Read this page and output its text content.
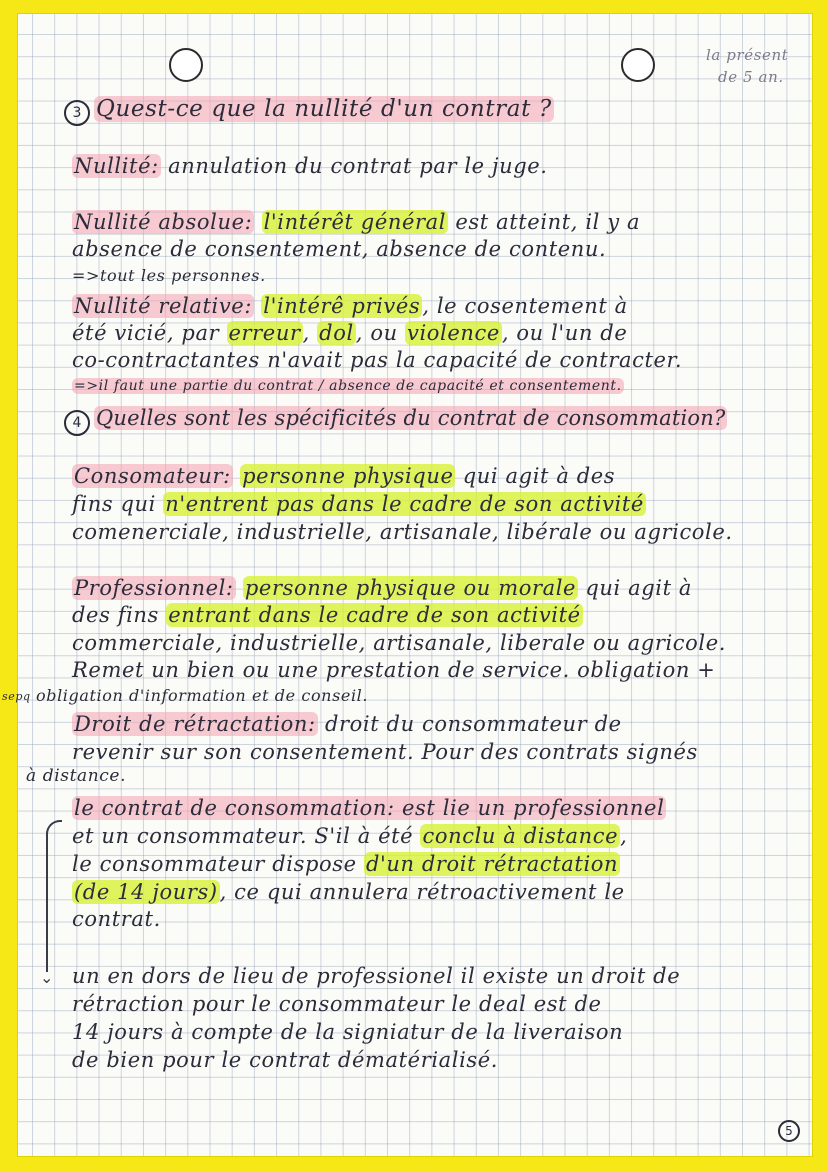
la présent
de 5 an.
3 Quest-ce que la nullité d'un contrat ?
Nullité: annulation du contrat par le juge.
Nullité absolue: l'intérêt général est atteint, il y a
absence de consentement, absence de contenu.
=>tout les personnes.
Nullité relative: l'intérê privés, le cosentement à
été vicié, par erreur, dol, ou violence, ou l'un de
co-contractantes n'avait pas la capacité de contracter.
=>il faut une partie du contrat / absence de capacité et consentement.
4 Quelles sont les spécificités du contrat de consommation?
Consomateur: personne physique qui agit à des
fins qui n'entrent pas dans le cadre de son activité
comenerciale, industrielle, artisanale, libérale ou agricole.
Professionnel: personne physique ou morale qui agit à
des fins entrant dans le cadre de son activité
commerciale, industrielle, artisanale, liberale ou agricole.
Remet un bien ou une prestation de service. obligation +
sepq obligation d'information et de conseil.
Droit de rétractation: droit du consommateur de
revenir sur son consentement. Pour des contrats signés
à distance.
⌄
le contrat de consommation: est lie un professionnel
et un consommateur. S'il à été conclu à distance,
le consommateur dispose d'un droit rétractation
(de 14 jours), ce qui annulera rétroactivement le
contrat.
un en dors de lieu de professionel il existe un droit de
rétraction pour le consommateur le deal est de
14 jours à compte de la signiatur de la liveraison
de bien pour le contrat dématérialisé.
5
